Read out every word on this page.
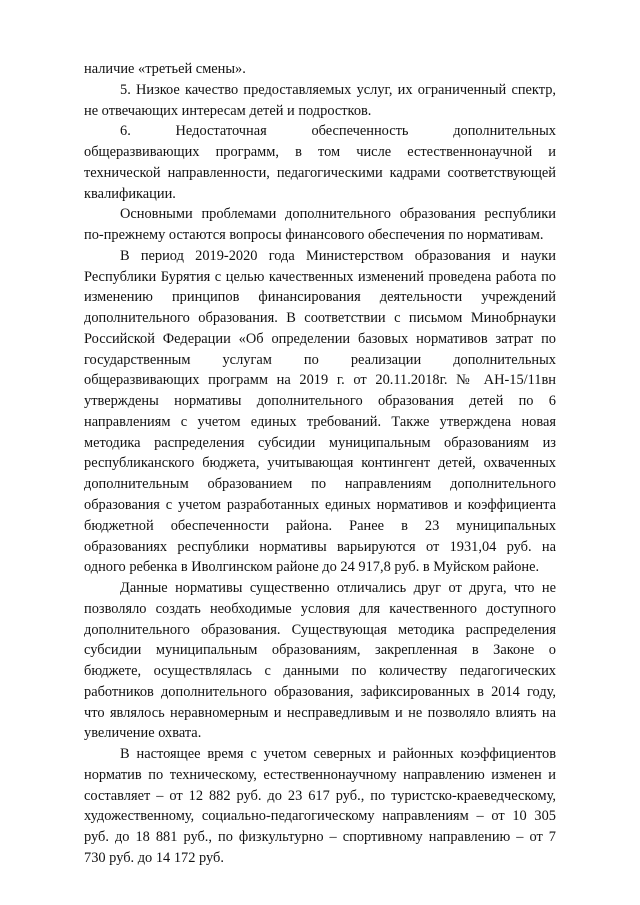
наличие «третьей смены».
5. Низкое качество предоставляемых услуг, их ограниченный спектр,
не отвечающих интересам детей и подростков.
6. Недостаточная обеспеченность дополнительных
общеразвивающих программ, в том числе естественнонаучной и
технической направленности, педагогическими кадрами соответствующей
квалификации.
Основными проблемами дополнительного образования республики
по-прежнему остаются вопросы финансового обеспечения по нормативам.
В период 2019-2020 года Министерством образования и науки
Республики Бурятия с целью качественных изменений проведена работа по
изменению принципов финансирования деятельности учреждений
дополнительного образования. В соответствии с письмом Минобрнауки
Российской Федерации «Об определении базовых нормативов затрат по
государственным услугам по реализации дополнительных
общеразвивающих программ на 2019 г. от 20.11.2018г. № АН-15/11вн
утверждены нормативы дополнительного образования детей по 6
направлениям с учетом единых требований. Также утверждена новая
методика распределения субсидии муниципальным образованиям из
республиканского бюджета, учитывающая контингент детей, охваченных
дополнительным образованием по направлениям дополнительного
образования с учетом разработанных единых нормативов и коэффициента
бюджетной обеспеченности района. Ранее в 23 муниципальных
образованиях республики нормативы варьируются от 1931,04 руб. на
одного ребенка в Иволгинском районе до 24 917,8 руб. в Муйском районе.
Данные нормативы существенно отличались друг от друга, что не
позволяло создать необходимые условия для качественного доступного
дополнительного образования. Существующая методика распределения
субсидии муниципальным образованиям, закрепленная в Законе о
бюджете, осуществлялась с данными по количеству педагогических
работников дополнительного образования, зафиксированных в 2014 году,
что являлось неравномерным и несправедливым и не позволяло влиять на
увеличение охвата.
В настоящее время с учетом северных и районных коэффициентов
норматив по техническому, естественнонаучному направлению изменен и
составляет – от 12 882 руб. до 23 617 руб., по туристско-краеведческому,
художественному, социально-педагогическому направлениям – от 10 305
руб. до 18 881 руб., по физкультурно – спортивному направлению – от 7
730 руб. до 14 172 руб.
